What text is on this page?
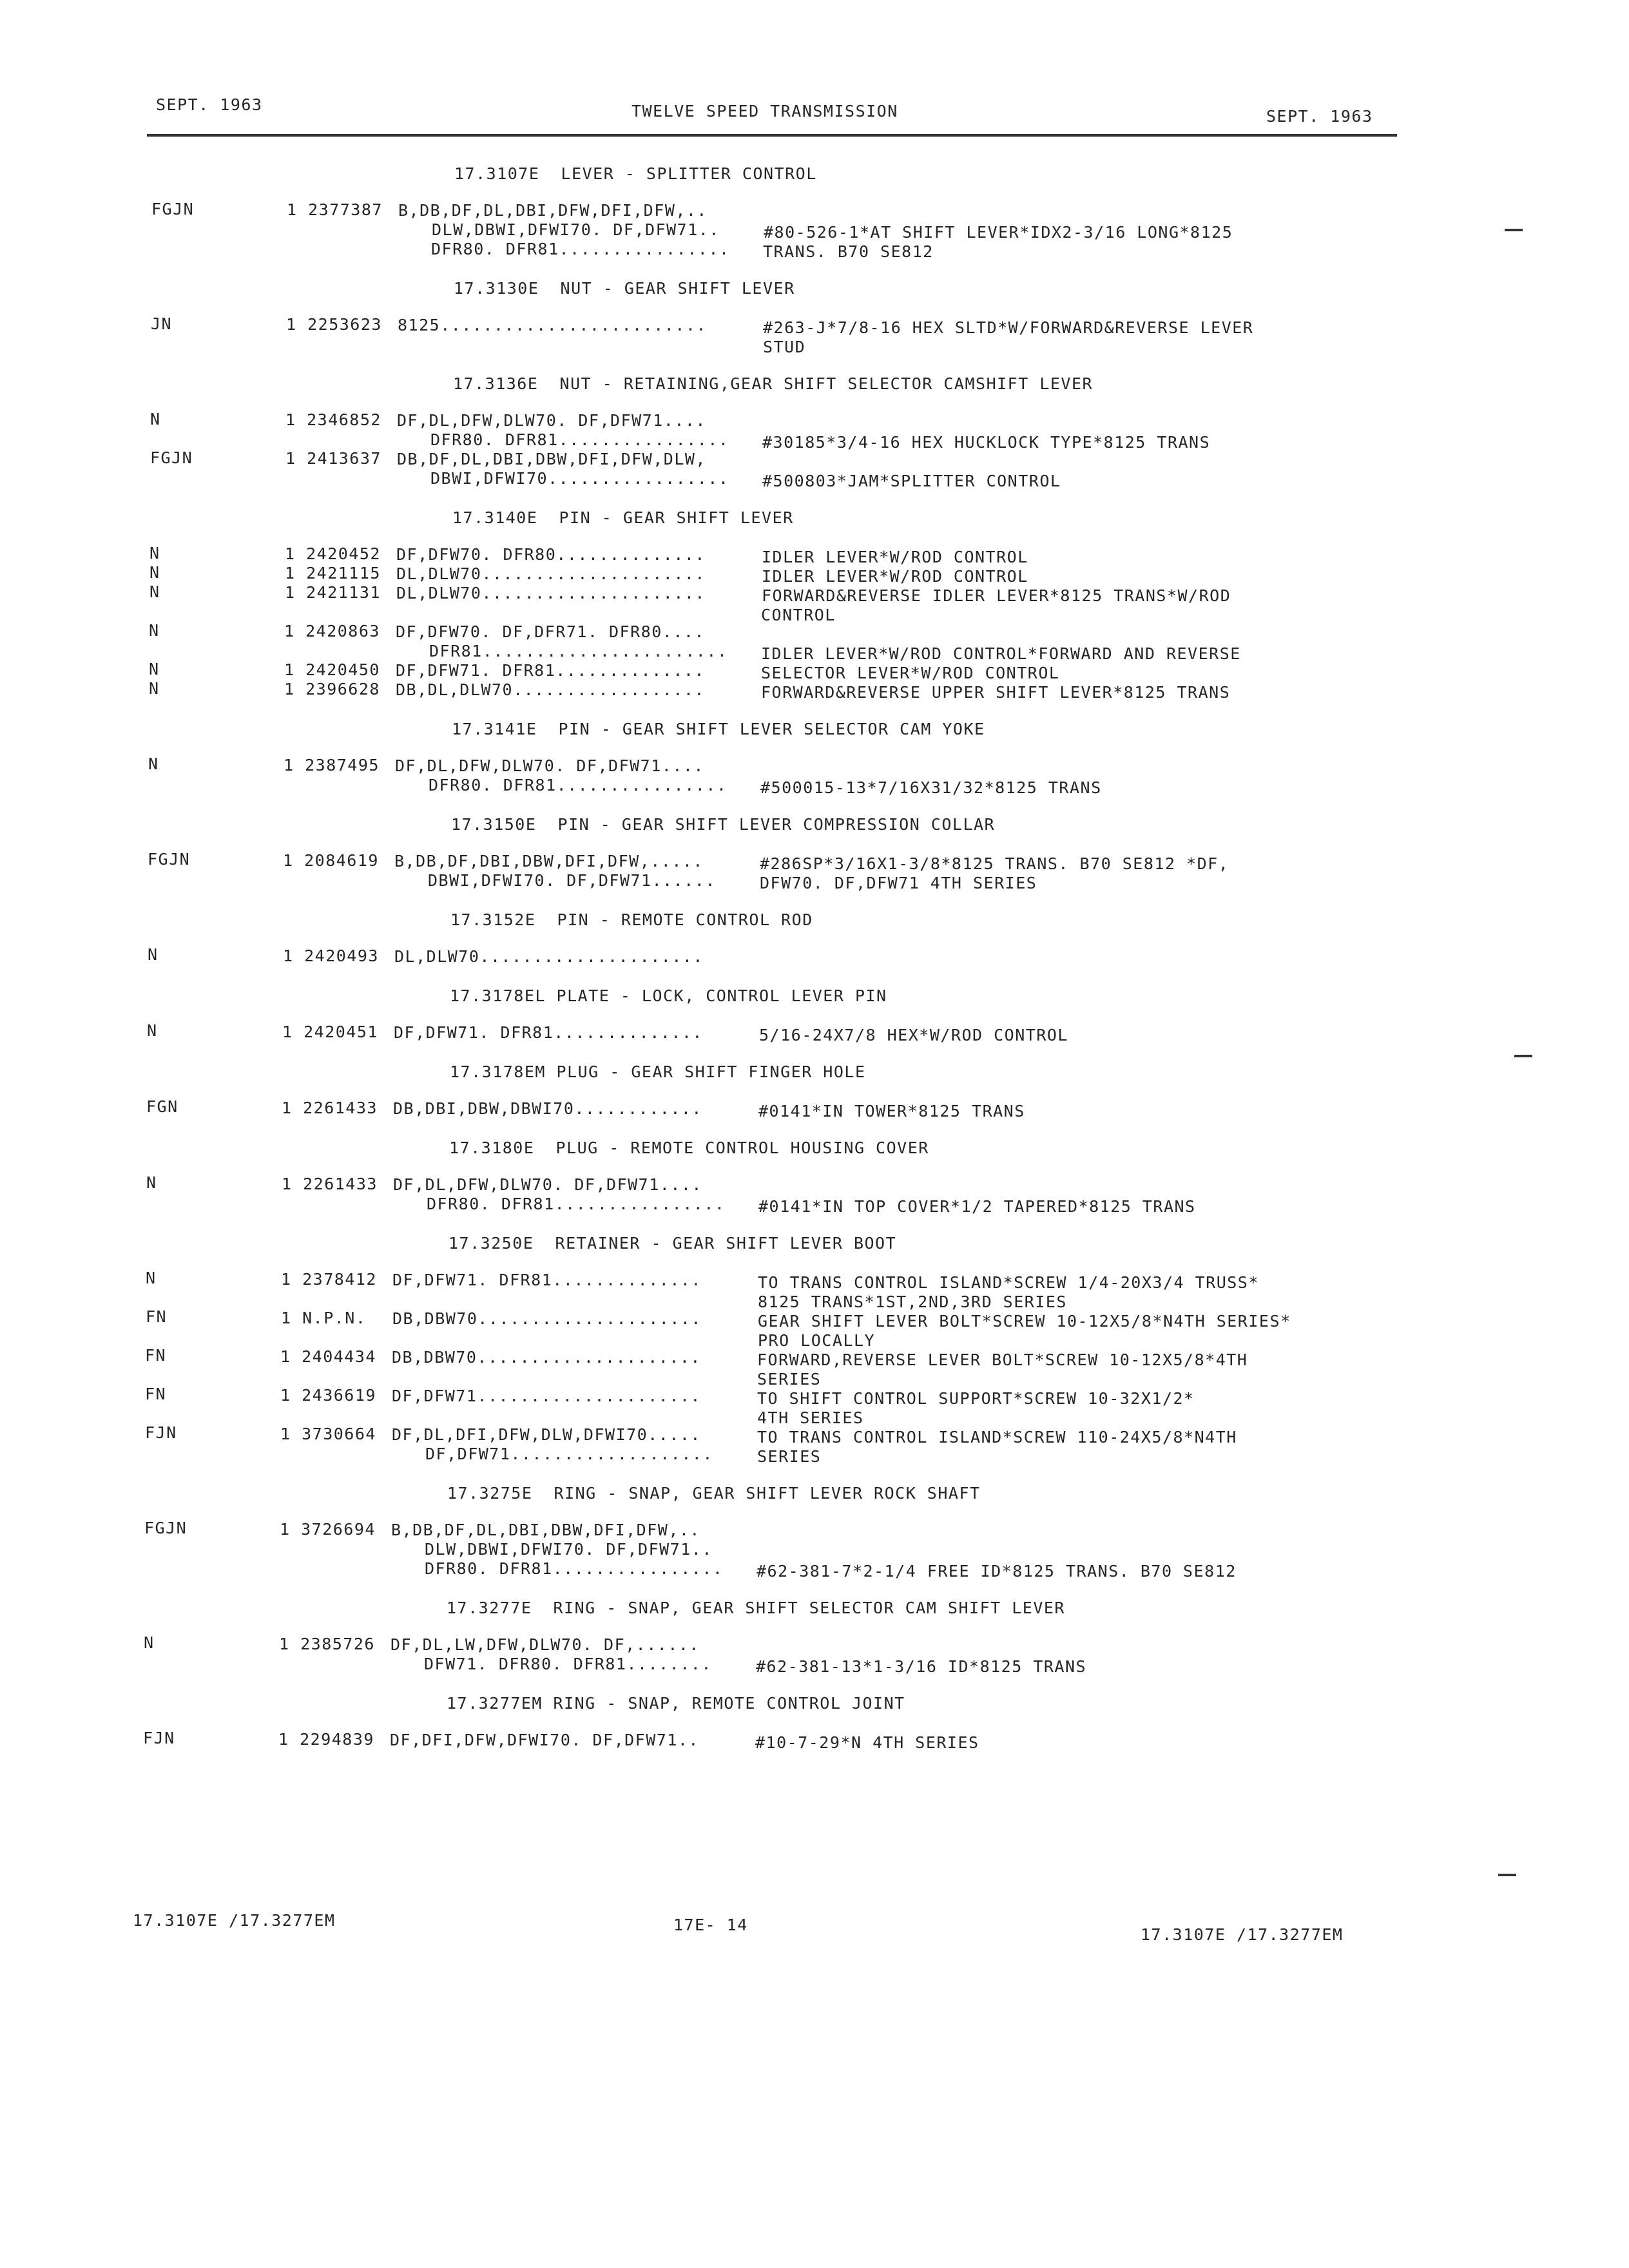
SEPT. 1963	TWELVE SPEED TRANSMISSION	SEPT. 1963
17.3107E  LEVER - SPLITTER CONTROL
FGJN	1 2377387 B,DB,DF,DL,DBI,DFW,DFI,DFW,..
DLW,DBWI,DFWI70. DF,DFW71..	#80-526-1*AT SHIFT LEVER*IDX2-3/16 LONG*8125
DFR80. DFR81................ TRANS. B70 SE812
17.3130E  NUT - GEAR SHIFT LEVER
JN	1 2253623 8125.........................	#263-J*7/8-16 HEX SLTD*W/FORWARD&REVERSE LEVER
STUD
17.3136E  NUT - RETAINING,GEAR SHIFT SELECTOR CAMSHIFT LEVER
N	1 2346852 DF,DL,DFW,DLW70. DF,DFW71....
DFR80. DFR81................ #30185*3/4-16 HEX HUCKLOCK TYPE*8125 TRANS
FGJN	1 2413637 DB,DF,DL,DBI,DBW,DFI,DFW,DLW,
DBWI,DFWI70................. #500803*JAM*SPLITTER CONTROL
17.3140E  PIN - GEAR SHIFT LEVER
N	1 2420452 DF,DFW70. DFR80..............	IDLER LEVER*W/ROD CONTROL
N	1 2421115 DL,DLW70.....................	IDLER LEVER*W/ROD CONTROL
N	1 2421131 DL,DLW70.....................	FORWARD&REVERSE IDLER LEVER*8125 TRANS*W/ROD
CONTROL
N	1 2420863 DF,DFW70. DF,DFR71. DFR80....
DFR81....................... IDLER LEVER*W/ROD CONTROL*FORWARD AND REVERSE
N	1 2420450 DF,DFW71. DFR81..............	SELECTOR LEVER*W/ROD CONTROL
N	1 2396628 DB,DL,DLW70..................	FORWARD&REVERSE UPPER SHIFT LEVER*8125 TRANS
17.3141E  PIN - GEAR SHIFT LEVER SELECTOR CAM YOKE
N	1 2387495 DF,DL,DFW,DLW70. DF,DFW71....
DFR80. DFR81................ #500015-13*7/16X31/32*8125 TRANS
17.3150E  PIN - GEAR SHIFT LEVER COMPRESSION COLLAR
FGJN	1 2084619 B,DB,DF,DBI,DBW,DFI,DFW,.....	#286SP*3/16X1-3/8*8125 TRANS. B70 SE812 *DF,
DBWI,DFWI70. DF,DFW71......	DFW70. DF,DFW71 4TH SERIES
17.3152E  PIN - REMOTE CONTROL ROD
N	1 2420493 DL,DLW70.....................
17.3178EL PLATE - LOCK, CONTROL LEVER PIN
N	1 2420451 DF,DFW71. DFR81..............	5/16-24X7/8 HEX*W/ROD CONTROL
17.3178EM PLUG - GEAR SHIFT FINGER HOLE
FGN	1 2261433 DB,DBI,DBW,DBWI70............	#0141*IN TOWER*8125 TRANS
17.3180E  PLUG - REMOTE CONTROL HOUSING COVER
N	1 2261433 DF,DL,DFW,DLW70. DF,DFW71....
DFR80. DFR81................ #0141*IN TOP COVER*1/2 TAPERED*8125 TRANS
17.3250E  RETAINER - GEAR SHIFT LEVER BOOT
N	1 2378412 DF,DFW71. DFR81..............	TO TRANS CONTROL ISLAND*SCREW 1/4-20X3/4 TRUSS*
8125 TRANS*1ST,2ND,3RD SERIES
FN	1 N.P.N. DB,DBW70.....................	GEAR SHIFT LEVER BOLT*SCREW 10-12X5/8*N4TH SERIES*
PRO LOCALLY
FN	1 2404434 DB,DBW70.....................	FORWARD,REVERSE LEVER BOLT*SCREW 10-12X5/8*4TH
SERIES
FN	1 2436619 DF,DFW71.....................	TO SHIFT CONTROL SUPPORT*SCREW 10-32X1/2*
4TH SERIES
FJN	1 3730664 DF,DL,DFI,DFW,DLW,DFWI70.....	TO TRANS CONTROL ISLAND*SCREW 110-24X5/8*N4TH
DF,DFW71...................	SERIES
17.3275E  RING - SNAP, GEAR SHIFT LEVER ROCK SHAFT
FGJN	1 3726694 B,DB,DF,DL,DBI,DBW,DFI,DFW,..
DLW,DBWI,DFWI70. DF,DFW71..
DFR80. DFR81................ #62-381-7*2-1/4 FREE ID*8125 TRANS. B70 SE812
17.3277E  RING - SNAP, GEAR SHIFT SELECTOR CAM SHIFT LEVER
N	1 2385726 DF,DL,LW,DFW,DLW70. DF,......
DFW71. DFR80. DFR81........	#62-381-13*1-3/16 ID*8125 TRANS
17.3277EM RING - SNAP, REMOTE CONTROL JOINT
FJN	1 2294839 DF,DFI,DFW,DFWI70. DF,DFW71..	#10-7-29*N 4TH SERIES
17.3107E /17.3277EM	17E- 14
17.3107E /17.3277EM
